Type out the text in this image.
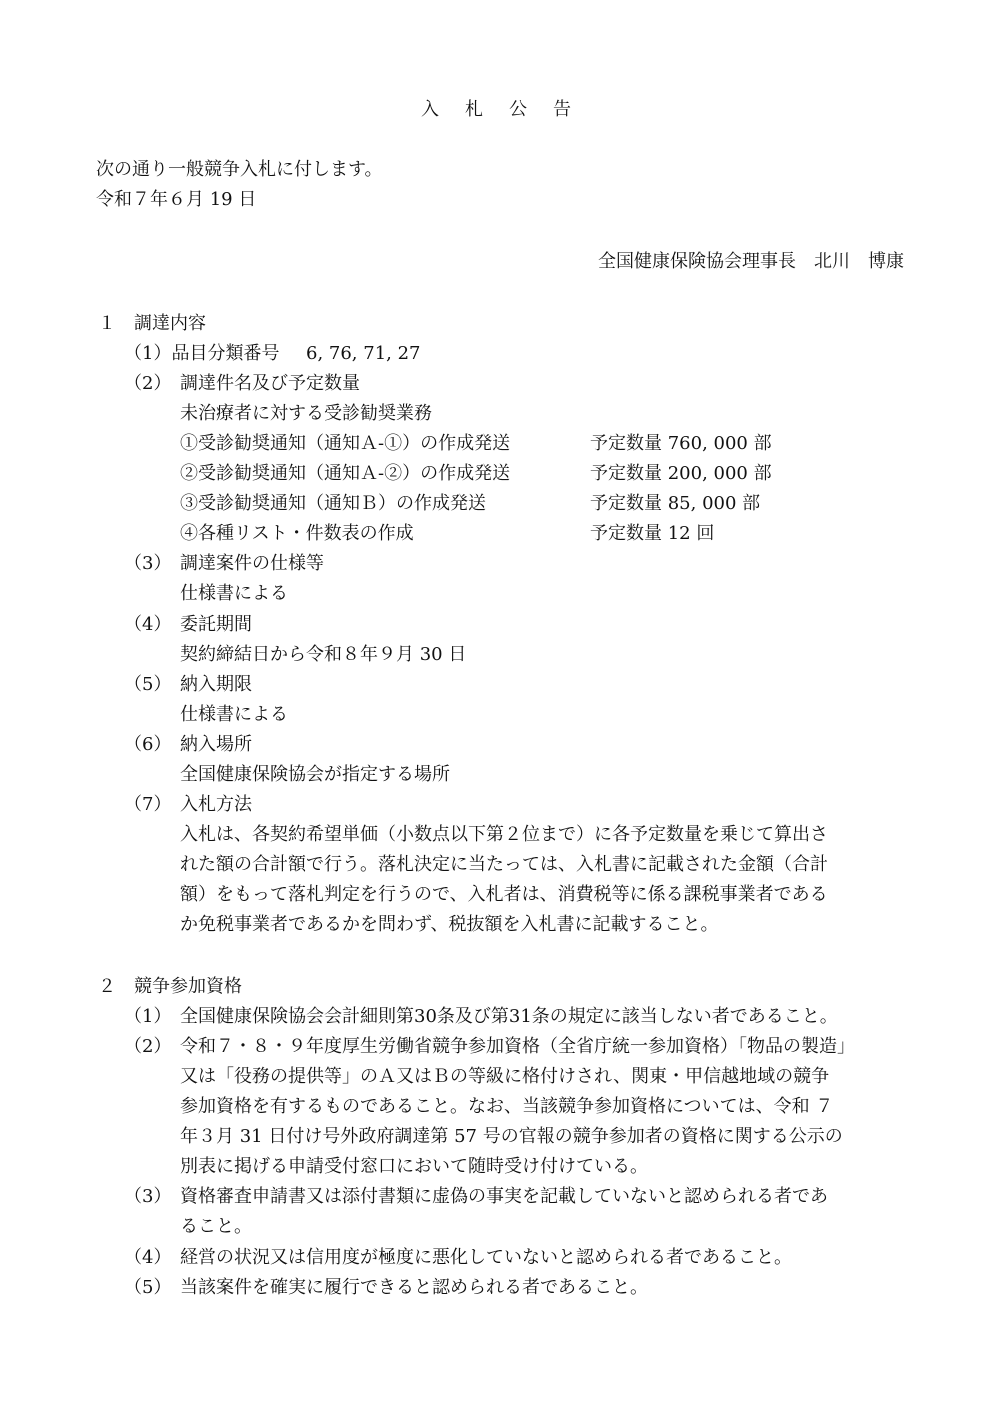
入札公告
次の通り一般競争入札に付します。
令和７年６月 19 日
全国健康保険協会理事長　北川　博康
１　調達内容
（1）品目分類番号 6, 76, 71, 27
（2） 調達件名及び予定数量
未治療者に対する受診勧奨業務
①受診勧奨通知（通知Ａ-①）の作成発送	予定数量 760, 000 部
②受診勧奨通知（通知Ａ-②）の作成発送	予定数量 200, 000 部
③受診勧奨通知（通知Ｂ）の作成発送	予定数量 85, 000 部
④各種リスト・件数表の作成	予定数量 12 回
（3） 調達案件の仕様等
仕様書による
（4） 委託期間
契約締結日から令和８年９月 30 日
（5） 納入期限
仕様書による
（6） 納入場所
全国健康保険協会が指定する場所
（7） 入札方法
入札は、各契約希望単価（小数点以下第２位まで）に各予定数量を乗じて算出さ
れた額の合計額で行う。落札決定に当たっては、入札書に記載された金額（合計
額）をもって落札判定を行うので、入札者は、消費税等に係る課税事業者である
か免税事業者であるかを問わず、税抜額を入札書に記載すること。
２　競争参加資格
（1） 全国健康保険協会会計細則第30条及び第31条の規定に該当しない者であること。
（2） 令和７・８・９年度厚生労働省競争参加資格（全省庁統一参加資格）「物品の製造」
又は「役務の提供等」のＡ又はＢの等級に格付けされ、関東・甲信越地域の競争
参加資格を有するものであること。なお、当該競争参加資格については、令和 ７
年３月 31 日付け号外政府調達第 57 号の官報の競争参加者の資格に関する公示の
別表に掲げる申請受付窓口において随時受け付けている。
（3） 資格審査申請書又は添付書類に虚偽の事実を記載していないと認められる者であ
ること。
（4） 経営の状況又は信用度が極度に悪化していないと認められる者であること。
（5） 当該案件を確実に履行できると認められる者であること。
